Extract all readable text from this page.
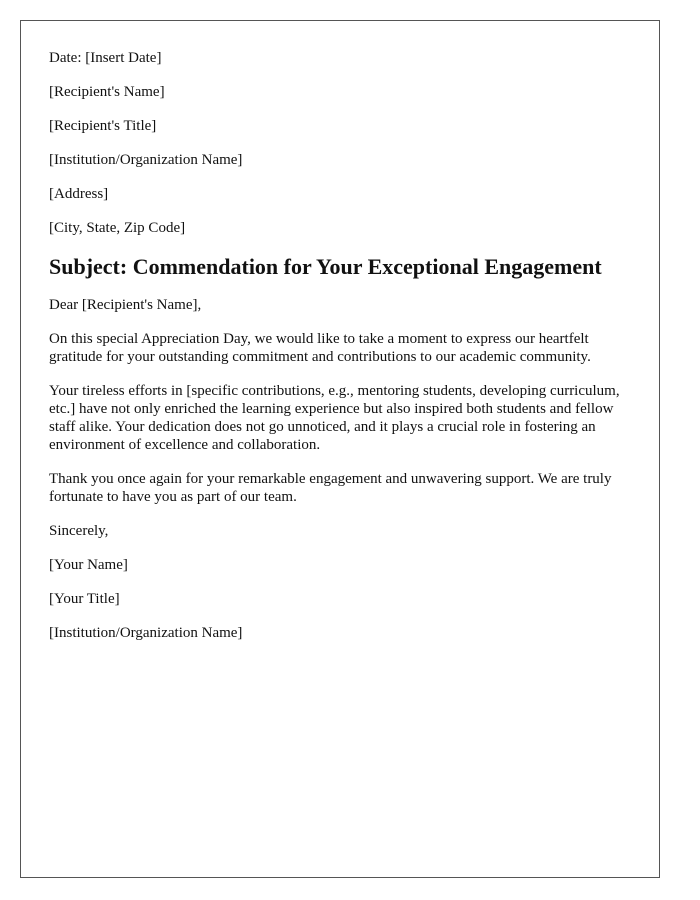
Date: [Insert Date]
[Recipient's Name]
[Recipient's Title]
[Institution/Organization Name]
[Address]
[City, State, Zip Code]
Subject: Commendation for Your Exceptional Engagement
Dear [Recipient's Name],
On this special Appreciation Day, we would like to take a moment to express our heartfelt gratitude for your outstanding commitment and contributions to our academic community.
Your tireless efforts in [specific contributions, e.g., mentoring students, developing curriculum, etc.] have not only enriched the learning experience but also inspired both students and fellow staff alike. Your dedication does not go unnoticed, and it plays a crucial role in fostering an environment of excellence and collaboration.
Thank you once again for your remarkable engagement and unwavering support. We are truly fortunate to have you as part of our team.
Sincerely,
[Your Name]
[Your Title]
[Institution/Organization Name]
